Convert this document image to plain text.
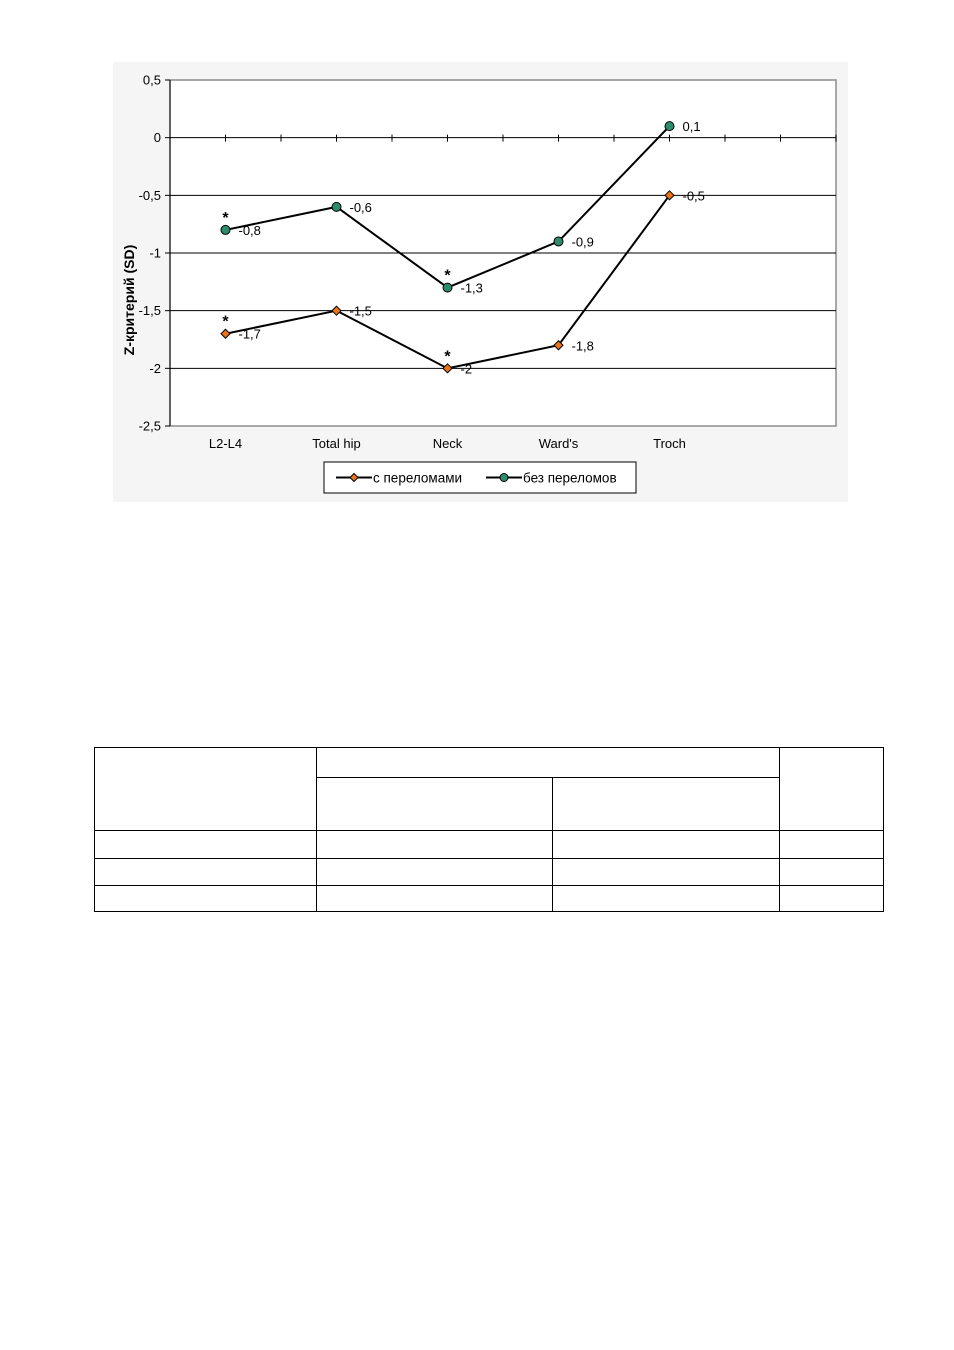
0,5
0
-0,5
-1
-1,5
-2
-2,5
L2-L4	Total hip	Neck	Ward's	Troch
-1,7
*
-1,5
-2
*
-1,8
-0,5
-0,8
*
-0,6
-1,3
*
-0,9
0,1
Z-критерий (SD)
с переломами	без переломов
